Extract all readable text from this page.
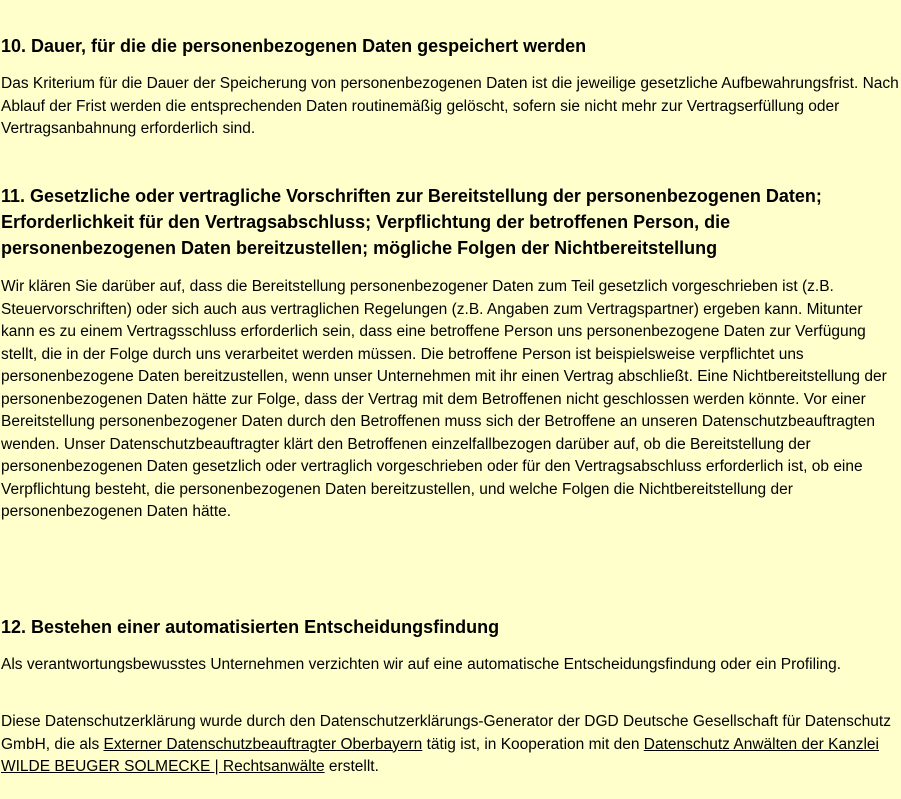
10. Dauer, für die die personenbezogenen Daten gespeichert werden

Das Kriterium für die Dauer der Speicherung von personenbezogenen Daten ist die jeweilige gesetzliche Aufbewahrungsfrist. Nach Ablauf der Frist werden die entsprechenden Daten routinemäßig gelöscht, sofern sie nicht mehr zur Vertragserfüllung oder Vertragsanbahnung erforderlich sind.

11. Gesetzliche oder vertragliche Vorschriften zur Bereitstellung der personenbezogenen Daten; Erforderlichkeit für den Vertragsabschluss; Verpflichtung der betroffenen Person, die personenbezogenen Daten bereitzustellen; mögliche Folgen der Nichtbereitstellung

Wir klären Sie darüber auf, dass die Bereitstellung personenbezogener Daten zum Teil gesetzlich vorgeschrieben ist (z.B. Steuervorschriften) oder sich auch aus vertraglichen Regelungen (z.B. Angaben zum Vertragspartner) ergeben kann. Mitunter kann es zu einem Vertragsschluss erforderlich sein, dass eine betroffene Person uns personenbezogene Daten zur Verfügung stellt, die in der Folge durch uns verarbeitet werden müssen. Die betroffene Person ist beispielsweise verpflichtet uns personenbezogene Daten bereitzustellen, wenn unser Unternehmen mit ihr einen Vertrag abschließt. Eine Nichtbereitstellung der personenbezogenen Daten hätte zur Folge, dass der Vertrag mit dem Betroffenen nicht geschlossen werden könnte. Vor einer Bereitstellung personenbezogener Daten durch den Betroffenen muss sich der Betroffene an unseren Datenschutzbeauftragten wenden. Unser Datenschutzbeauftragter klärt den Betroffenen einzelfallbezogen darüber auf, ob die Bereitstellung der personenbezogenen Daten gesetzlich oder vertraglich vorgeschrieben oder für den Vertragsabschluss erforderlich ist, ob eine Verpflichtung besteht, die personenbezogenen Daten bereitzustellen, und welche Folgen die Nichtbereitstellung der personenbezogenen Daten hätte.

12. Bestehen einer automatisierten Entscheidungsfindung

Als verantwortungsbewusstes Unternehmen verzichten wir auf eine automatische Entscheidungsfindung oder ein Profiling.

Diese Datenschutzerklärung wurde durch den Datenschutzerklärungs-Generator der DGD Deutsche Gesellschaft für Datenschutz GmbH, die als Externer Datenschutzbeauftragter Oberbayern tätig ist, in Kooperation mit den Datenschutz Anwälten der Kanzlei WILDE BEUGER SOLMECKE | Rechtsanwälte erstellt.
